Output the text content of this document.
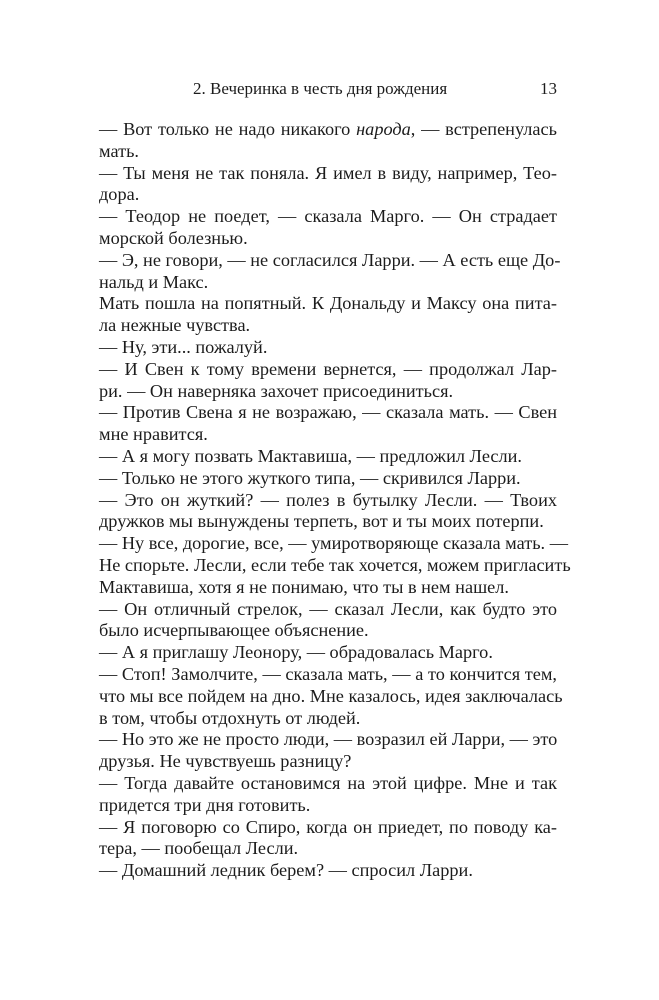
2. Вечеринка в честь дня рождения	13
— Вот только не надо никакого народа, — встрепенулась
мать.
— Ты меня не так поняла. Я имел в виду, например, Тео-
дора.
— Теодор не поедет, — сказала Марго. — Он страдает
морской болезнью.
— Э, не говори, — не согласился Ларри. — А есть еще До-
нальд и Макс.
Мать пошла на попятный. К Дональду и Максу она пита-
ла нежные чувства.
— Ну, эти... пожалуй.
— И Свен к тому времени вернется, — продолжал Лар-
ри. — Он наверняка захочет присоединиться.
— Против Свена я не возражаю, — сказала мать. — Свен
мне нравится.
— А я могу позвать Мактавиша, — предложил Лесли.
— Только не этого жуткого типа, — скривился Ларри.
— Это он жуткий? — полез в бутылку Лесли. — Твоих
дружков мы вынуждены терпеть, вот и ты моих потерпи.
— Ну все, дорогие, все, — умиротворяюще сказала мать. —
Не спорьте. Лесли, если тебе так хочется, можем пригласить
Мактавиша, хотя я не понимаю, что ты в нем нашел.
— Он отличный стрелок, — сказал Лесли, как будто это
было исчерпывающее объяснение.
— А я приглашу Леонору, — обрадовалась Марго.
— Стоп! Замолчите, — сказала мать, — а то кончится тем,
что мы все пойдем на дно. Мне казалось, идея заключалась
в том, чтобы отдохнуть от людей.
— Но это же не просто люди, — возразил ей Ларри, — это
друзья. Не чувствуешь разницу?
— Тогда давайте остановимся на этой цифре. Мне и так
придется три дня готовить.
— Я поговорю со Спиро, когда он приедет, по поводу ка-
тера, — пообещал Лесли.
— Домашний ледник берем? — спросил Ларри.
